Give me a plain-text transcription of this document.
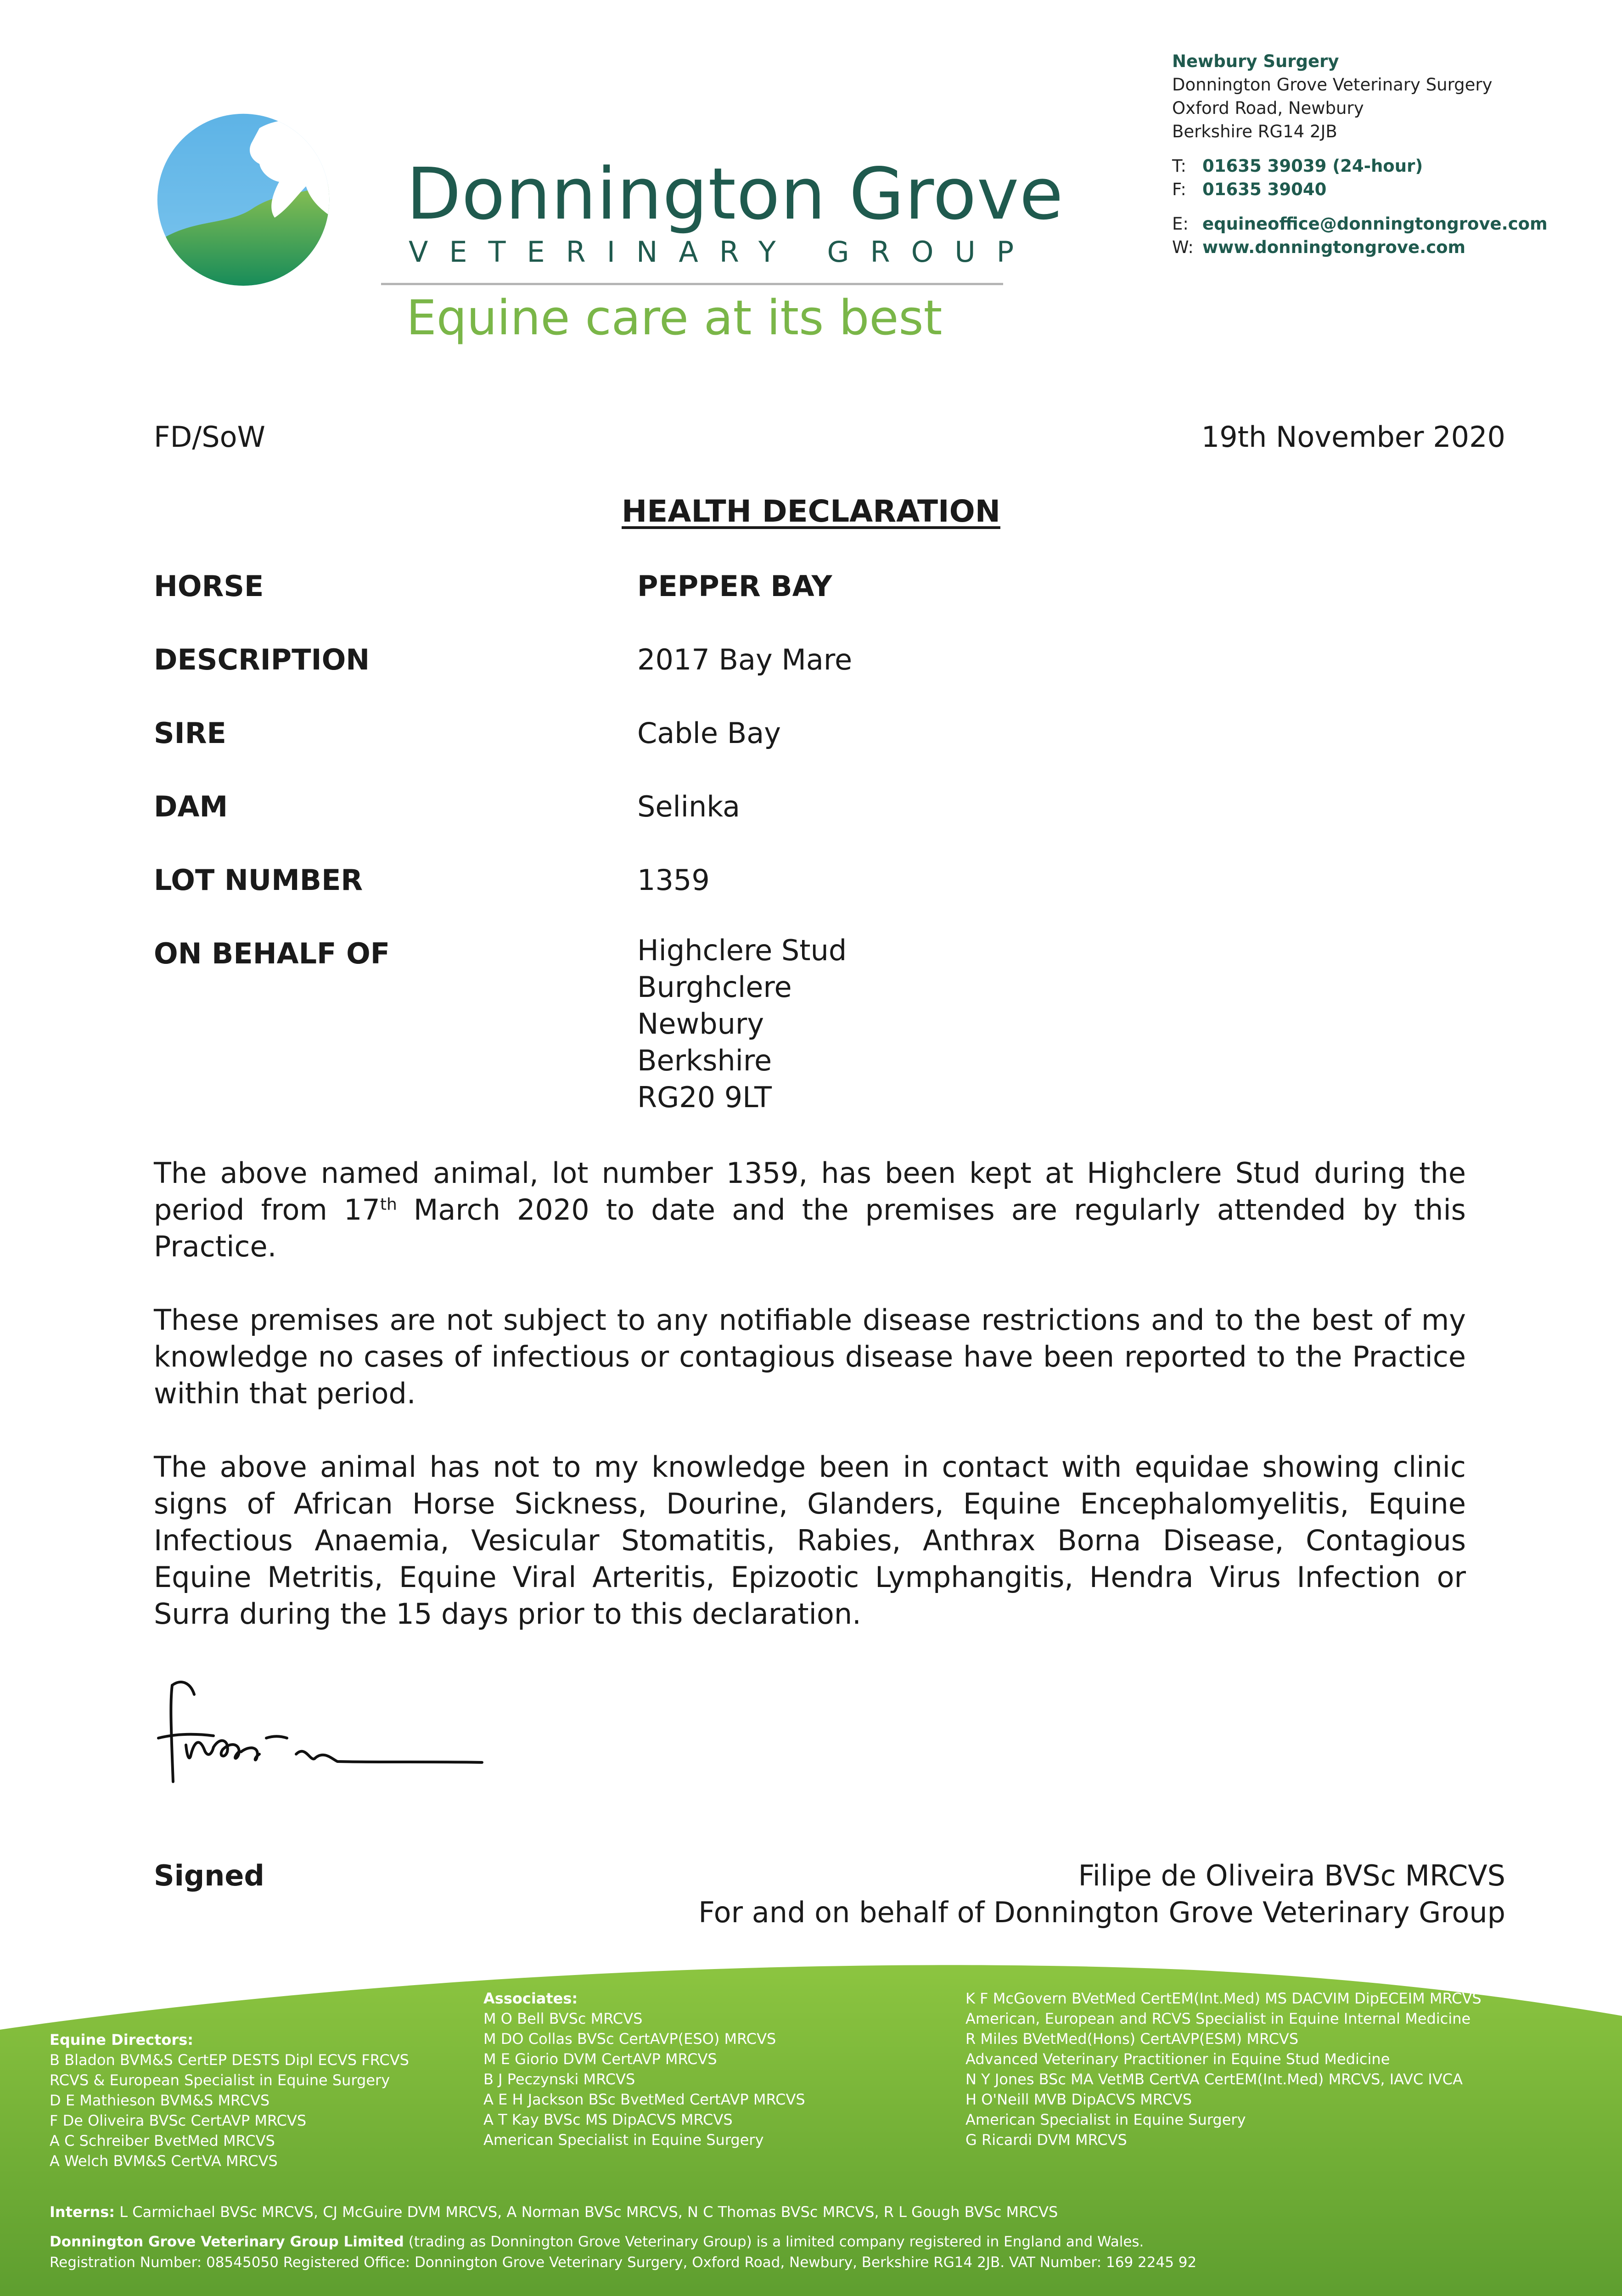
Donnington Grove
VETERINARY GROUP
Equine care at its best
Newbury Surgery
Donnington Grove Veterinary Surgery
Oxford Road, Newbury
Berkshire RG14 2JB
T: 01635 39039 (24-hour)
F: 01635 39040
E: equineoffice@donningtongrove.com
W: www.donningtongrove.com
FD/SoW	19th November 2020
HEALTH DECLARATION
HORSE	PEPPER BAY
DESCRIPTION	2017 Bay Mare
SIRE	Cable Bay
DAM	Selinka
LOT NUMBER	1359
ON BEHALF OF	Highclere Stud
Burghclere
Newbury
Berkshire
RG20 9LT
The above named animal, lot number 1359, has been kept at Highclere Stud during the period from 17th March 2020 to date and the premises are regularly attended by this Practice.
These premises are not subject to any notifiable disease restrictions and to the best of my knowledge no cases of infectious or contagious disease have been reported to the Practice within that period.
The above animal has not to my knowledge been in contact with equidae showing clinic signs of African Horse Sickness, Dourine, Glanders, Equine Encephalomyelitis, Equine Infectious Anaemia, Vesicular Stomatitis, Rabies, Anthrax Borna Disease, Contagious Equine Metritis, Equine Viral Arteritis, Epizootic Lymphangitis, Hendra Virus Infection or Surra during the 15 days prior to this declaration.
Signed	Filipe de Oliveira BVSc MRCVS
For and on behalf of Donnington Grove Veterinary Group
Equine Directors:
B Bladon BVM&S CertEP DESTS Dipl ECVS FRCVS
RCVS & European Specialist in Equine Surgery
D E Mathieson BVM&S MRCVS
F De Oliveira BVSc CertAVP MRCVS
A C Schreiber BvetMed MRCVS
A Welch BVM&S CertVA MRCVS
Associates:
M O Bell BVSc MRCVS
M DO Collas BVSc CertAVP(ESO) MRCVS
M E Giorio DVM CertAVP MRCVS
B J Peczynski MRCVS
A E H Jackson BSc BvetMed CertAVP MRCVS
A T Kay BVSc MS DipACVS MRCVS
American Specialist in Equine Surgery
K F McGovern BVetMed CertEM(Int.Med) MS DACVIM DipECEIM MRCVS
American, European and RCVS Specialist in Equine Internal Medicine
R Miles BVetMed(Hons) CertAVP(ESM) MRCVS
Advanced Veterinary Practitioner in Equine Stud Medicine
N Y Jones BSc MA VetMB CertVA CertEM(Int.Med) MRCVS, IAVC IVCA
H O'Neill MVB DipACVS MRCVS
American Specialist in Equine Surgery
G Ricardi DVM MRCVS
Interns: L Carmichael BVSc MRCVS, CJ McGuire DVM MRCVS, A Norman BVSc MRCVS, N C Thomas BVSc MRCVS, R L Gough BVSc MRCVS
Donnington Grove Veterinary Group Limited (trading as Donnington Grove Veterinary Group) is a limited company registered in England and Wales.
Registration Number: 08545050 Registered Office: Donnington Grove Veterinary Surgery, Oxford Road, Newbury, Berkshire RG14 2JB. VAT Number: 169 2245 92
